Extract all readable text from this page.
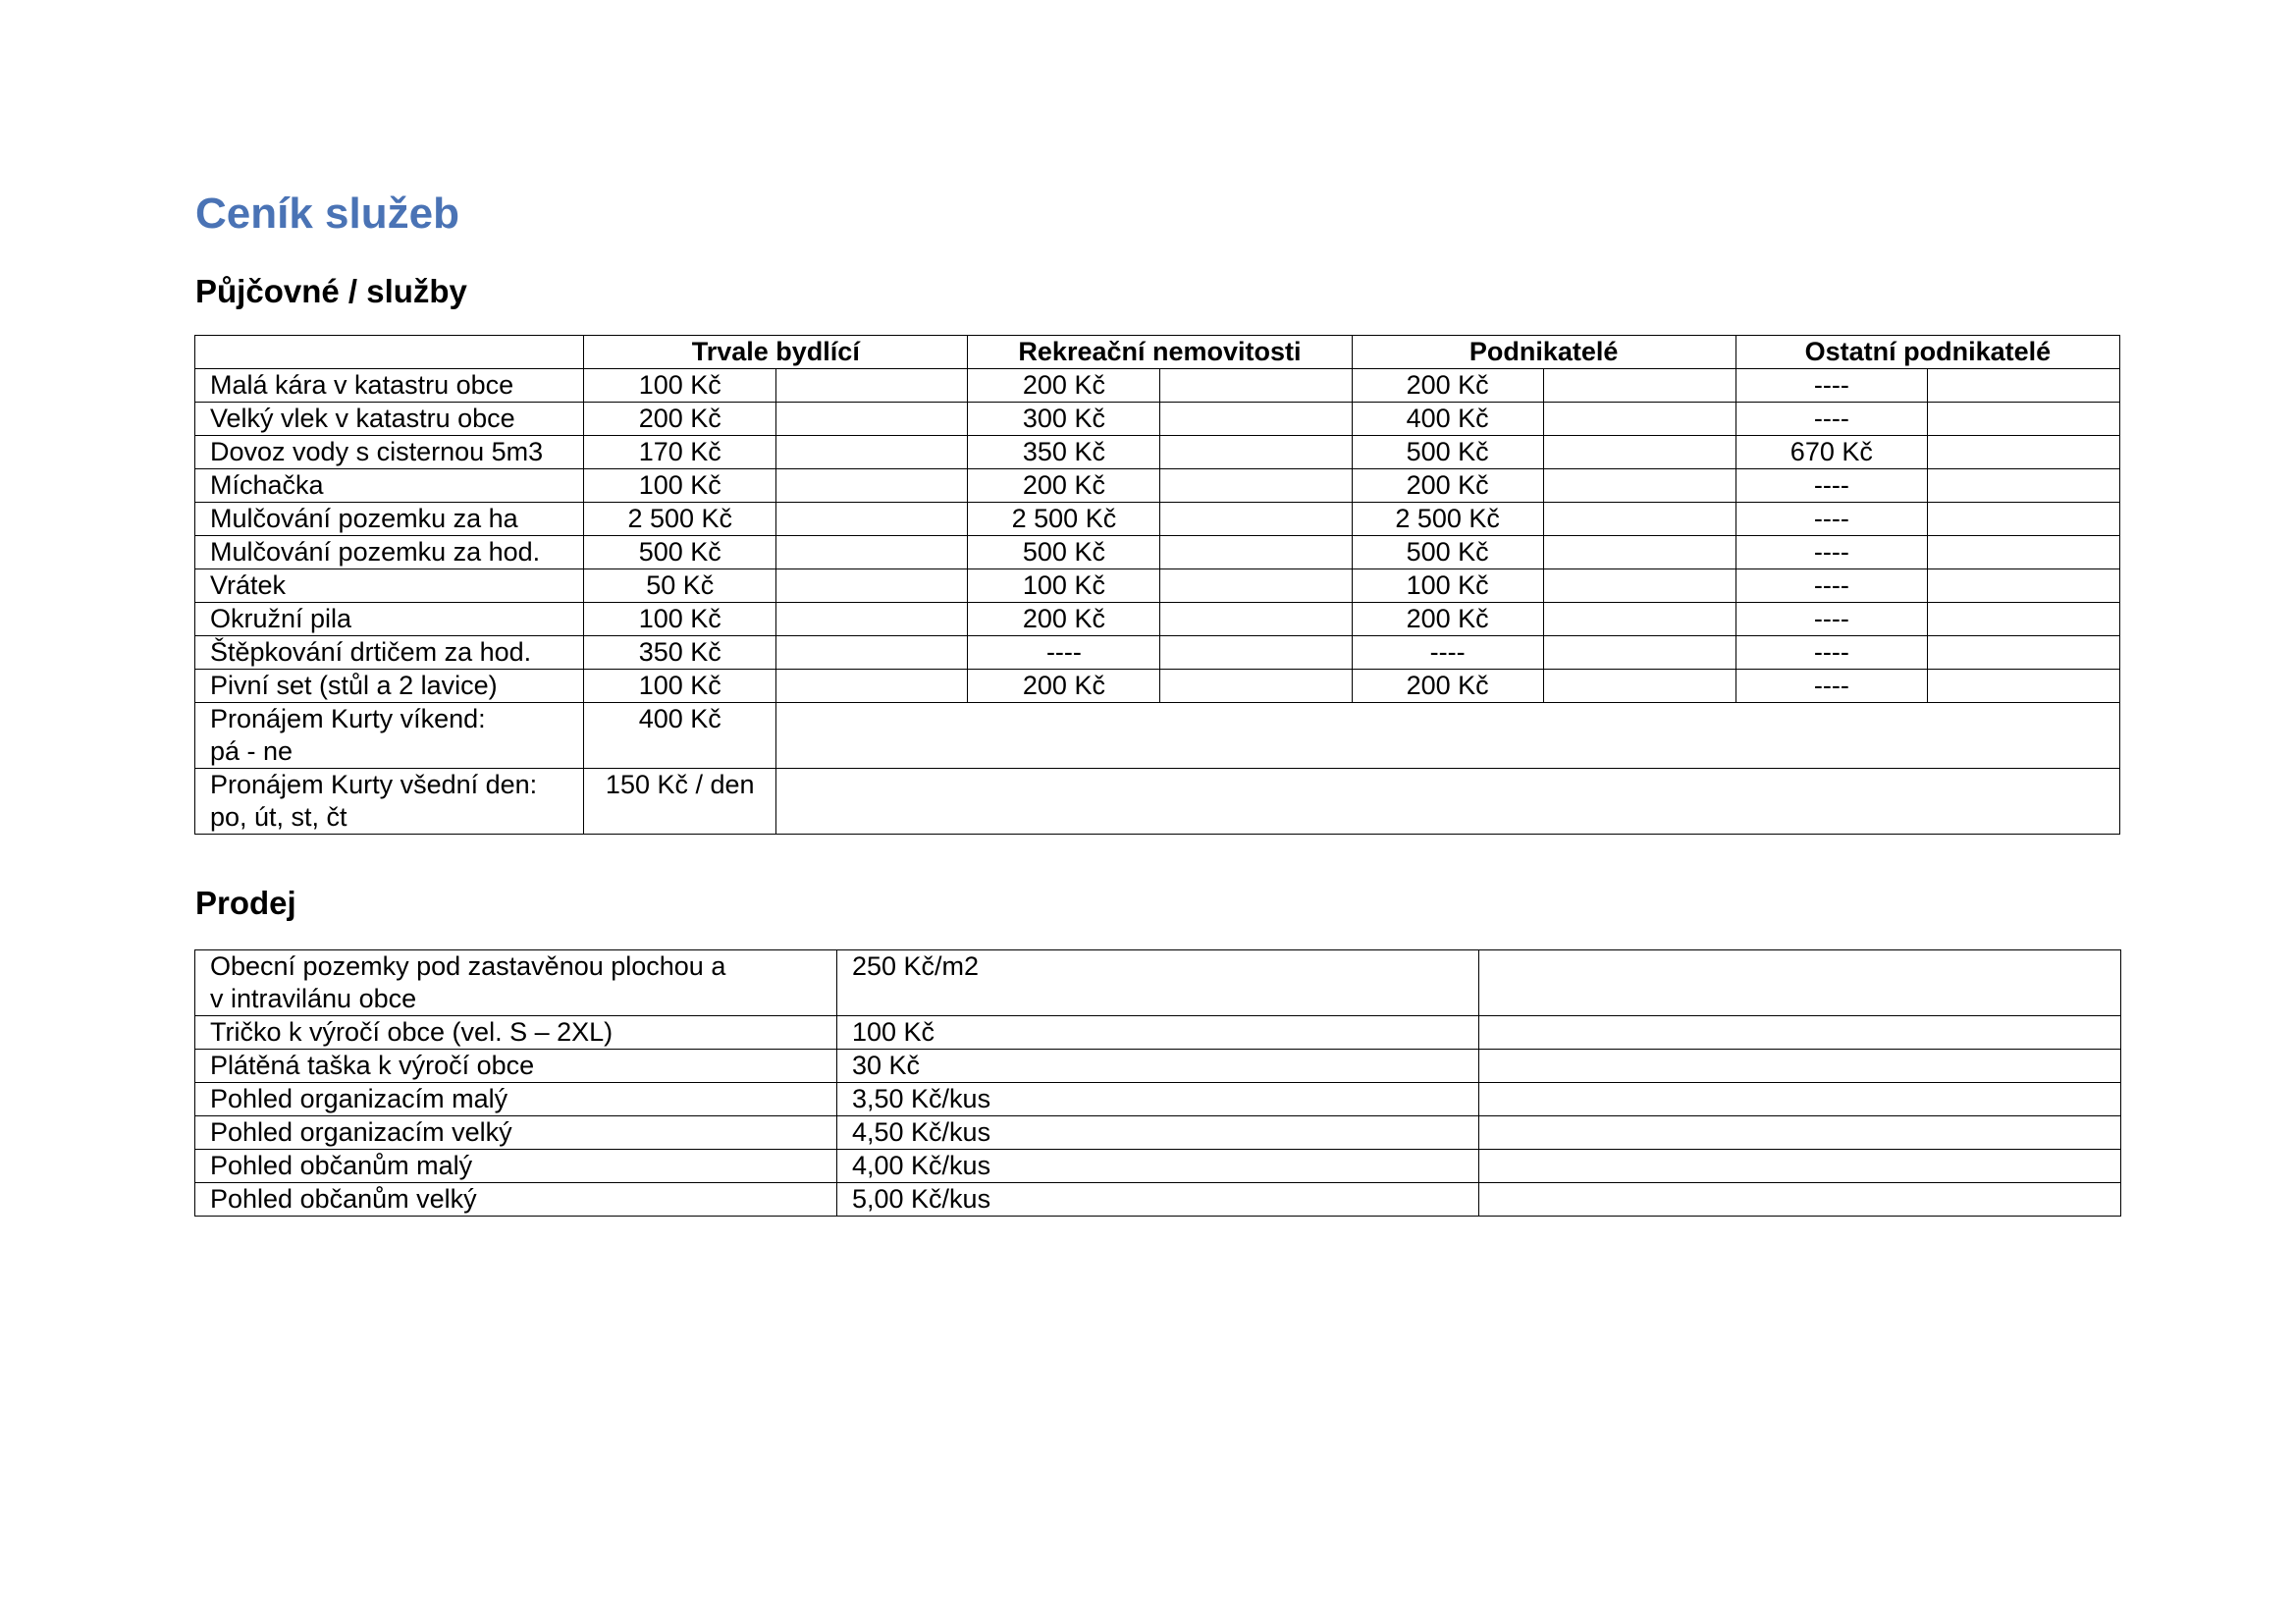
Ceník služeb
Půjčovné / služby
	Trvale bydlící		Rekreační nemovitosti		Podnikatelé		Ostatní podnikatelé	
Malá kára v katastru obce	100 Kč		200 Kč		200 Kč		----	
Velký vlek v katastru obce	200 Kč		300 Kč		400 Kč		----	
Dovoz vody s cisternou 5m3	170 Kč		350 Kč		500 Kč		670 Kč	
Míchačka	100 Kč		200 Kč		200 Kč		----	
Mulčování pozemku za ha	2 500 Kč		2 500 Kč		2 500 Kč		----	
Mulčování pozemku za hod.	500 Kč		500 Kč		500 Kč		----	
Vrátek	50 Kč		100 Kč		100 Kč		----	
Okružní pila	100 Kč		200 Kč		200 Kč		----	
Štěpkování drtičem za hod.	350 Kč		----		----		----	
Pivní set (stůl a 2 lavice)	100 Kč		200 Kč		200 Kč		----	
Pronájem Kurty víkend:
pá - ne	400 Kč							
Pronájem Kurty všední den:
po, út, st, čt	150 Kč / den							
Prodej
Obecní pozemky pod zastavěnou plochou a
v intravilánu obce	250 Kč/m2	
Tričko k výročí obce (vel. S – 2XL)	100 Kč	
Plátěná taška k výročí obce	30 Kč	
Pohled organizacím malý	3,50 Kč/kus	
Pohled organizacím velký	4,50 Kč/kus	
Pohled občanům malý	4,00 Kč/kus	
Pohled občanům velký	5,00 Kč/kus	
